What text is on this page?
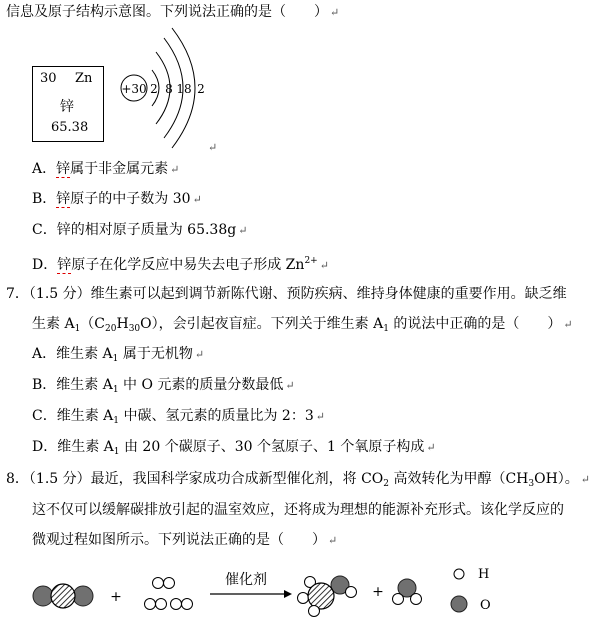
信息及原子结构示意图。下列说法正确的是（　　） ↵
30 Zn
锌
65.38
+30 2 8 18 2
↵
A．锌属于非金属元素 ↵
B．锌原子的中子数为 30 ↵
C．锌的相对原子质量为 65.38g ↵
D．锌原子在化学反应中易失去电子形成 $Zn^{2+}$ ↵
7．（1.5 分）维生素可以起到调节新陈代谢、预防疾病、维持身体健康的重要作用。缺乏维
生素 $A_1(C_{20}H_{30}O)$，会引起夜盲症。下列关于维生素 $A_1$ 的说法中正确的是（　　） ↵
A．维生素 $A_1$ 属于无机物 ↵
B．维生素 $A_1$ 中 O 元素的质量分数最低 ↵
C．维生素 $A_1$ 中碳、氢元素的质量比为 2：3 ↵
D．维生素 $A_1$ 由 20 个碳原子、30 个氢原子、1 个氧原子构成 ↵
8．（1.5 分）最近，我国科学家成功合成新型催化剂，将 $CO_2$ 高效转化为甲醇$(CH_3OH)$。 ↵
这不仅可以缓解碳排放引起的温室效应，还将成为理想的能源补充形式。该化学反应的
微观过程如图所示。下列说法正确的是（　　） ↵
+
催化剂
+
H
O
